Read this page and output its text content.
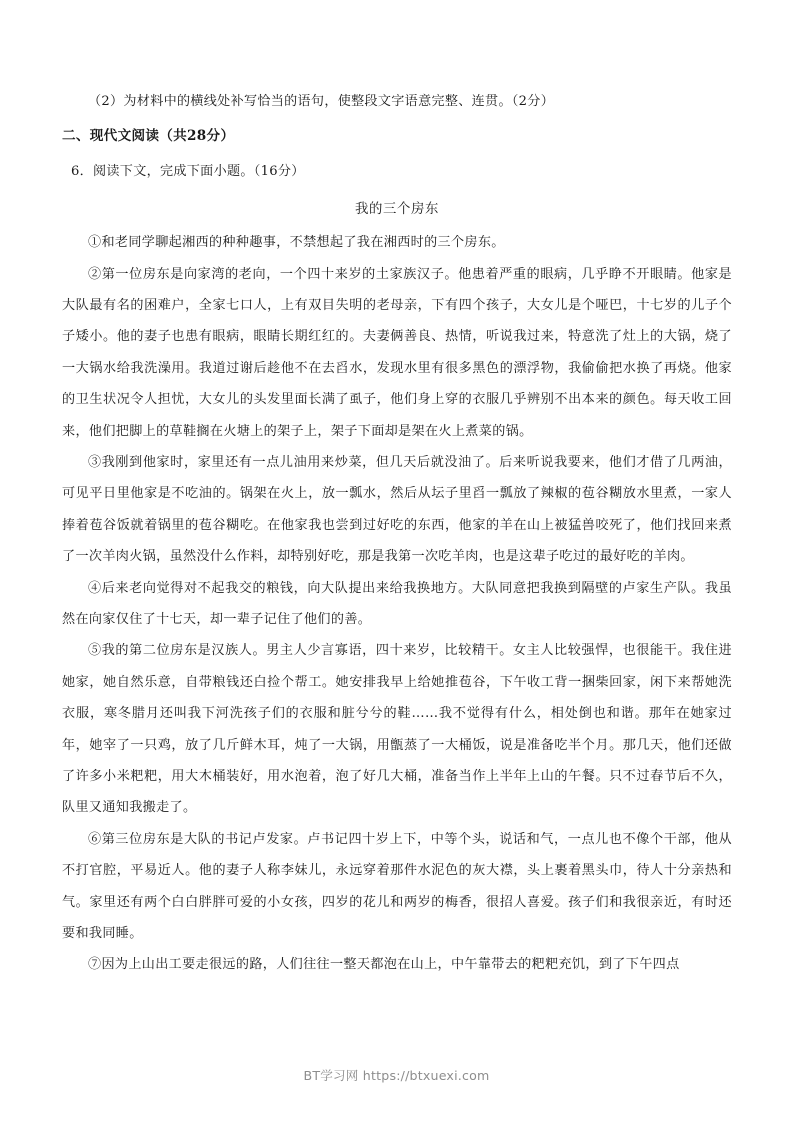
（2）为材料中的横线处补写恰当的语句，使整段文字语意完整、连贯。（2分）

二、现代文阅读（共28分）

6．阅读下文，完成下面小题。（16分）

我的三个房东

①和老同学聊起湘西的种种趣事，不禁想起了我在湘西时的三个房东。

②第一位房东是向家湾的老向，一个四十来岁的土家族汉子。他患着严重的眼病，几乎睁不开眼睛。他家是大队最有名的困难户，全家七口人，上有双目失明的老母亲，下有四个孩子，大女儿是个哑巴，十七岁的儿子个子矮小。他的妻子也患有眼病，眼睛长期红红的。夫妻俩善良、热情，听说我过来，特意洗了灶上的大锅，烧了一大锅水给我洗澡用。我道过谢后趁他不在去舀水，发现水里有很多黑色的漂浮物，我偷偷把水换了再烧。他家的卫生状况令人担忧，大女儿的头发里面长满了虱子，他们身上穿的衣服几乎辨别不出本来的颜色。每天收工回来，他们把脚上的草鞋搁在火塘上的架子上，架子下面却是架在火上煮菜的锅。

③我刚到他家时，家里还有一点儿油用来炒菜，但几天后就没油了。后来听说我要来，他们才借了几两油，可见平日里他家是不吃油的。锅架在火上，放一瓢水，然后从坛子里舀一瓢放了辣椒的苞谷糊放水里煮，一家人捧着苞谷饭就着锅里的苞谷糊吃。在他家我也尝到过好吃的东西，他家的羊在山上被猛兽咬死了，他们找回来煮了一次羊肉火锅，虽然没什么作料，却特别好吃，那是我第一次吃羊肉，也是这辈子吃过的最好吃的羊肉。

④后来老向觉得对不起我交的粮钱，向大队提出来给我换地方。大队同意把我换到隔壁的卢家生产队。我虽然在向家仅住了十七天，却一辈子记住了他们的善。

⑤我的第二位房东是汉族人。男主人少言寡语，四十来岁，比较精干。女主人比较强悍，也很能干。我住进她家，她自然乐意，自带粮钱还白捡个帮工。她安排我早上给她推苞谷，下午收工背一捆柴回家，闲下来帮她洗衣服，寒冬腊月还叫我下河洗孩子们的衣服和脏兮兮的鞋……我不觉得有什么，相处倒也和谐。那年在她家过年，她宰了一只鸡，放了几斤鲜木耳，炖了一大锅，用甑蒸了一大桶饭，说是准备吃半个月。那几天，他们还做了许多小米粑粑，用大木桶装好，用水泡着，泡了好几大桶，准备当作上半年上山的午餐。只不过春节后不久，队里又通知我搬走了。

⑥第三位房东是大队的书记卢发家。卢书记四十岁上下，中等个头，说话和气，一点儿也不像个干部，他从不打官腔，平易近人。他的妻子人称李妹儿，永远穿着那件水泥色的灰大襟，头上裹着黑头巾，待人十分亲热和气。家里还有两个白白胖胖可爱的小女孩，四岁的花儿和两岁的梅香，很招人喜爱。孩子们和我很亲近，有时还要和我同睡。

⑦因为上山出工要走很远的路，人们往往一整天都泡在山上，中午靠带去的粑粑充饥，到了下午四点

BT学习网 https://btxuexi.com
